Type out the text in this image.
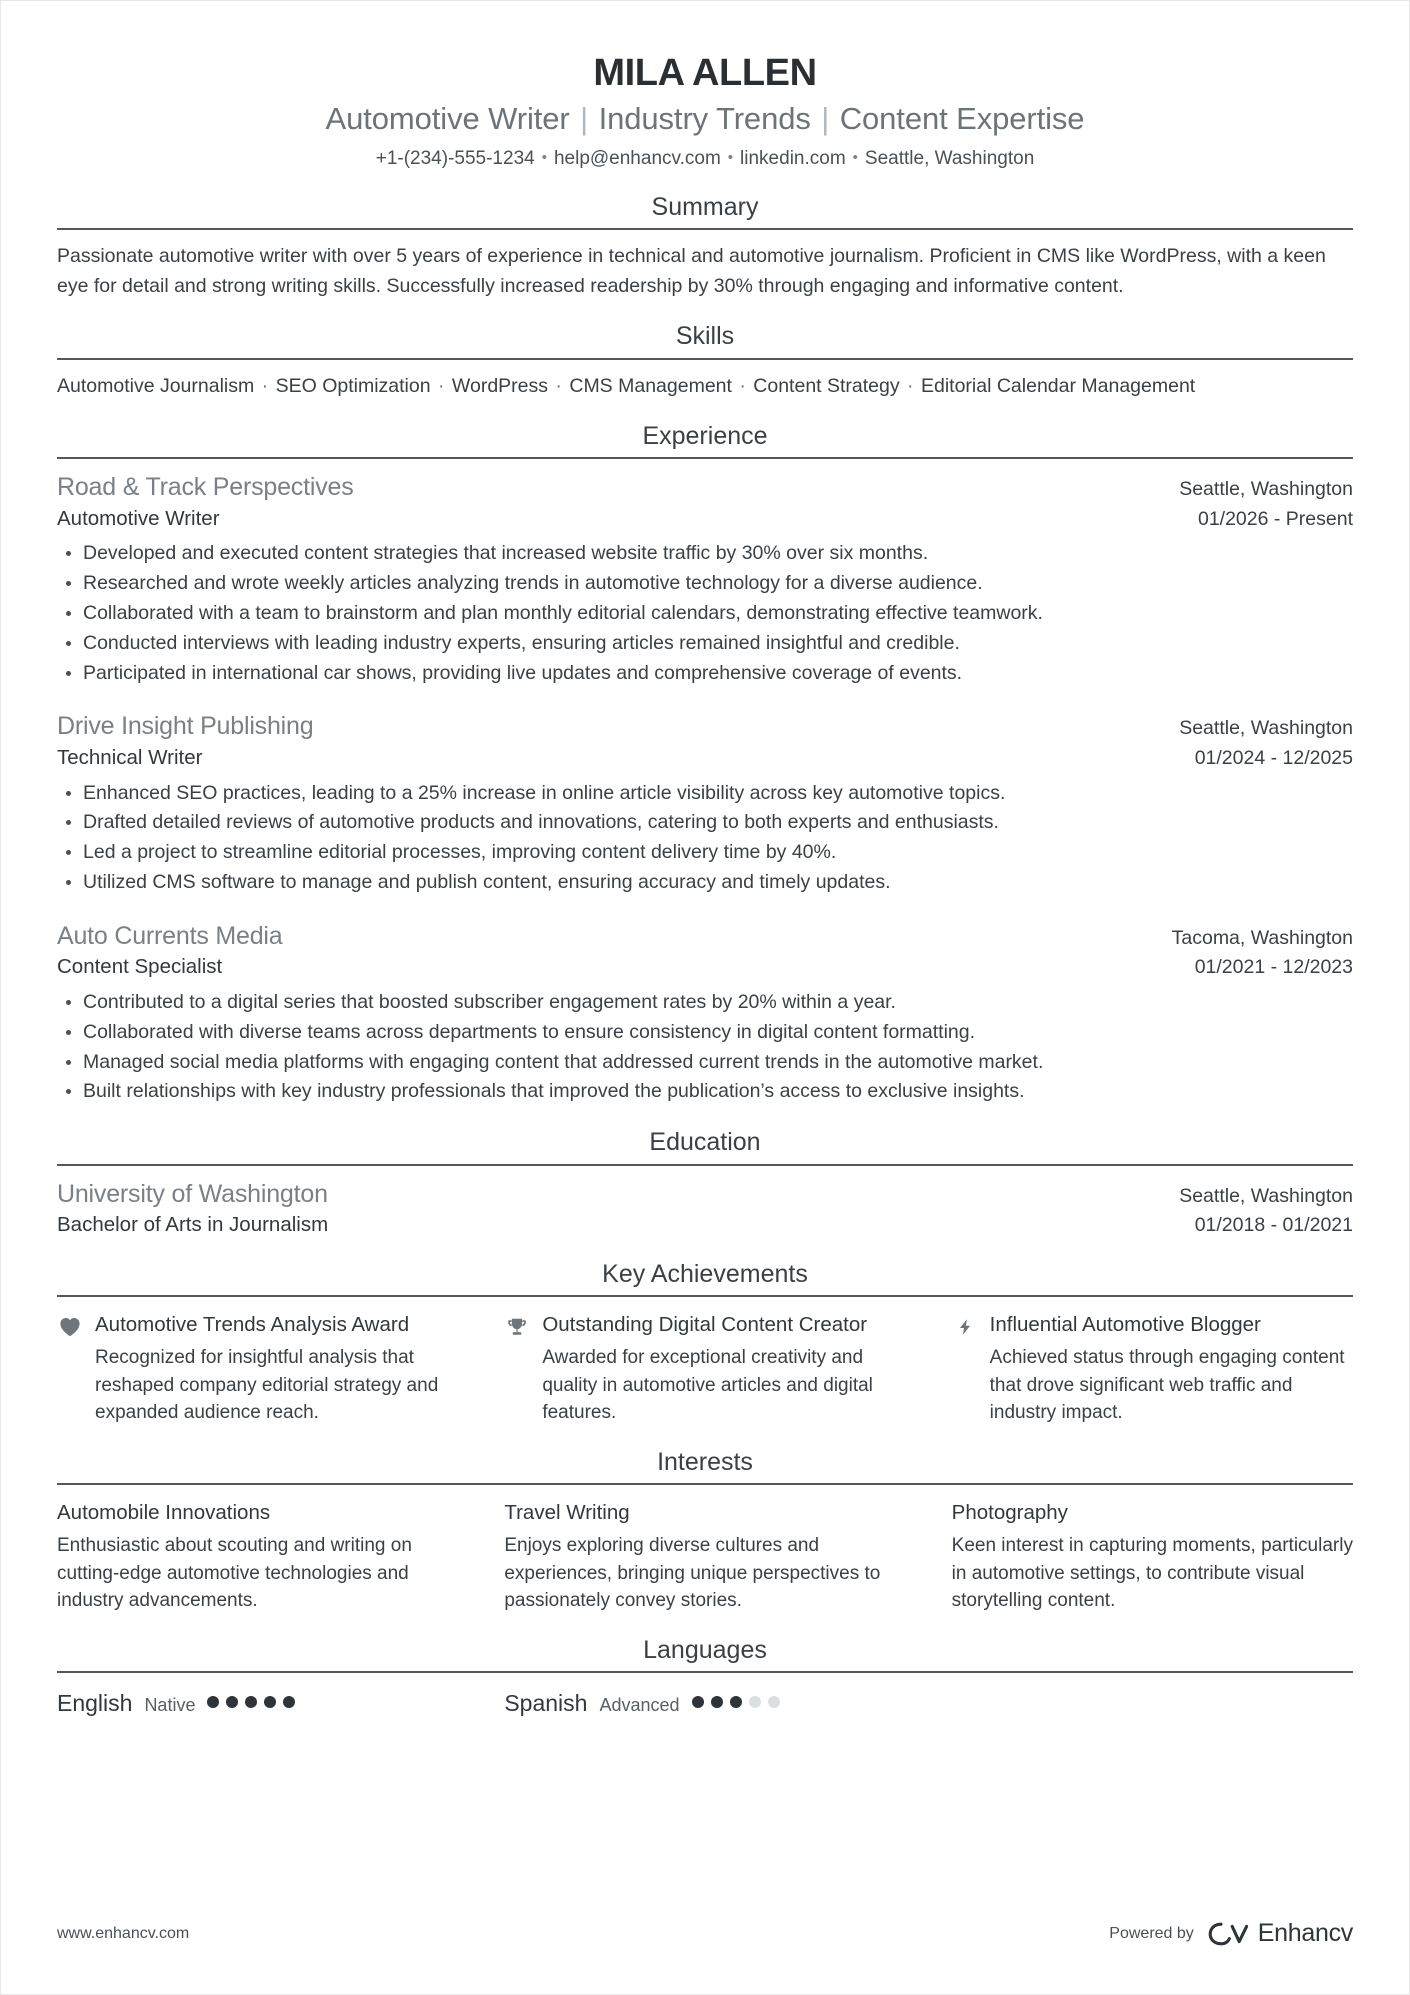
MILA ALLEN
Automotive Writer | Industry Trends | Content Expertise
+1-(234)-555-1234 • help@enhancv.com • linkedin.com • Seattle, Washington
Summary
Passionate automotive writer with over 5 years of experience in technical and automotive journalism. Proficient in CMS like WordPress, with a keen eye for detail and strong writing skills. Successfully increased readership by 30% through engaging and informative content.
Skills
Automotive Journalism · SEO Optimization · WordPress · CMS Management · Content Strategy · Editorial Calendar Management
Experience
Road & Track Perspectives	Seattle, Washington
Automotive Writer	01/2026 - Present
Developed and executed content strategies that increased website traffic by 30% over six months.
Researched and wrote weekly articles analyzing trends in automotive technology for a diverse audience.
Collaborated with a team to brainstorm and plan monthly editorial calendars, demonstrating effective teamwork.
Conducted interviews with leading industry experts, ensuring articles remained insightful and credible.
Participated in international car shows, providing live updates and comprehensive coverage of events.
Drive Insight Publishing	Seattle, Washington
Technical Writer	01/2024 - 12/2025
Enhanced SEO practices, leading to a 25% increase in online article visibility across key automotive topics.
Drafted detailed reviews of automotive products and innovations, catering to both experts and enthusiasts.
Led a project to streamline editorial processes, improving content delivery time by 40%.
Utilized CMS software to manage and publish content, ensuring accuracy and timely updates.
Auto Currents Media	Tacoma, Washington
Content Specialist	01/2021 - 12/2023
Contributed to a digital series that boosted subscriber engagement rates by 20% within a year.
Collaborated with diverse teams across departments to ensure consistency in digital content formatting.
Managed social media platforms with engaging content that addressed current trends in the automotive market.
Built relationships with key industry professionals that improved the publication’s access to exclusive insights.
Education
University of Washington	Seattle, Washington
Bachelor of Arts in Journalism	01/2018 - 01/2021
Key Achievements
Automotive Trends Analysis Award
Recognized for insightful analysis that reshaped company editorial strategy and expanded audience reach.
Outstanding Digital Content Creator
Awarded for exceptional creativity and quality in automotive articles and digital features.
Influential Automotive Blogger
Achieved status through engaging content that drove significant web traffic and industry impact.
Interests
Automobile Innovations
Enthusiastic about scouting and writing on cutting-edge automotive technologies and industry advancements.
Travel Writing
Enjoys exploring diverse cultures and experiences, bringing unique perspectives to passionately convey stories.
Photography
Keen interest in capturing moments, particularly in automotive settings, to contribute visual storytelling content.
Languages
English Native	Spanish Advanced
www.enhancv.com	Powered by	Enhancv
